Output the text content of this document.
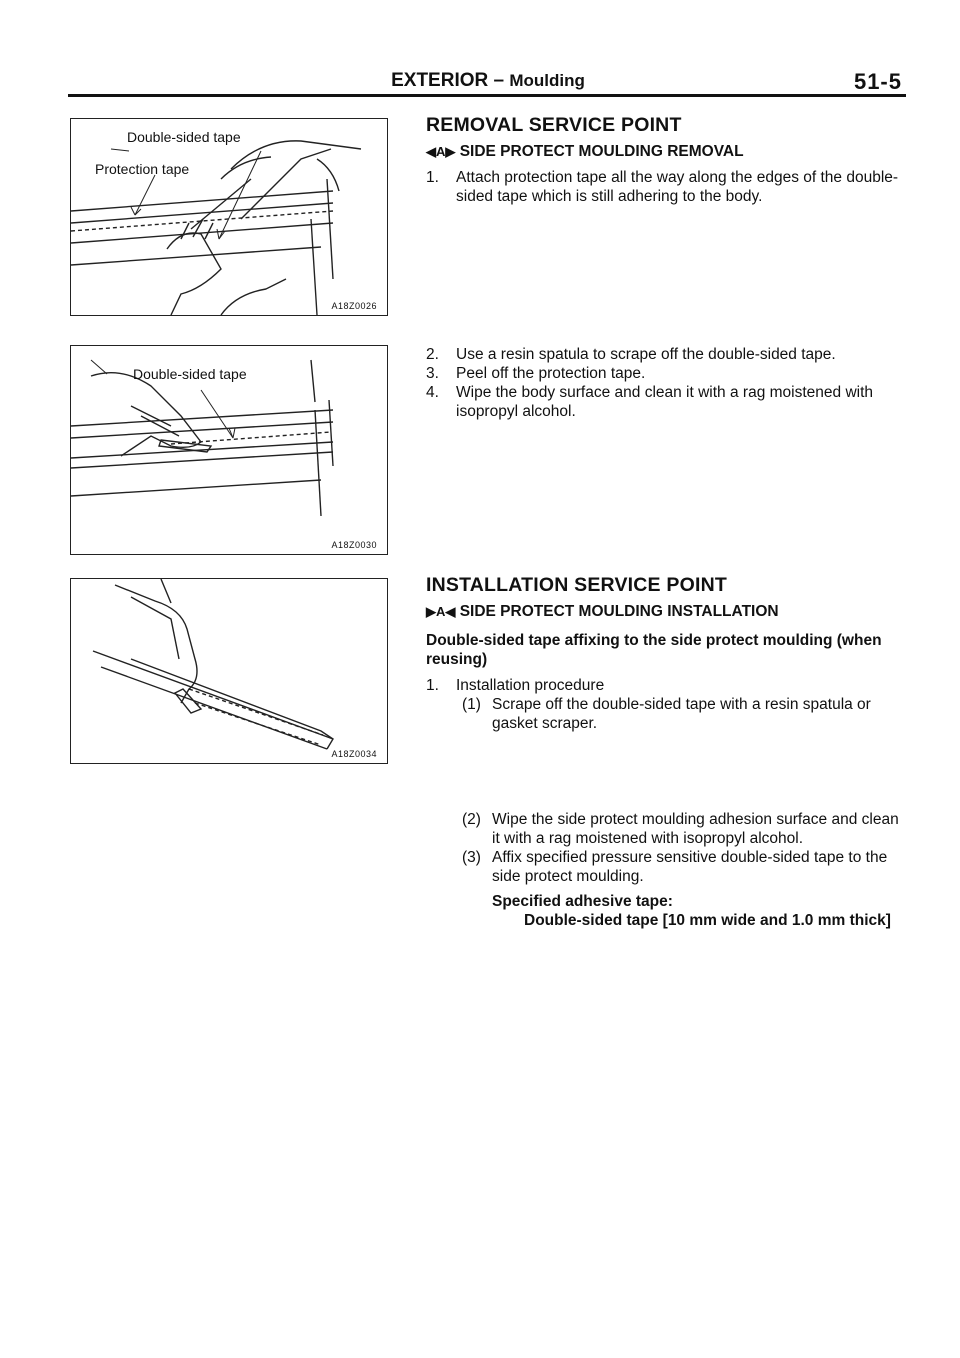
EXTERIOR – Moulding	51-5
Double-sided tape
Protection tape
A18Z0026
Double-sided tape
A18Z0030
A18Z0034
REMOVAL SERVICE POINT
◀A▶ SIDE PROTECT MOULDING REMOVAL
1. Attach protection tape all the way along the edges of the double-sided tape which is still adhering to the body.
2. Use a resin spatula to scrape off the double-sided tape.
3. Peel off the protection tape.
4. Wipe the body surface and clean it with a rag moistened with isopropyl alcohol.
INSTALLATION SERVICE POINT
▶A◀ SIDE PROTECT MOULDING INSTALLATION
Double-sided tape affixing to the side protect moulding (when reusing)
1. Installation procedure
(1) Scrape off the double-sided tape with a resin spatula or gasket scraper.
(2) Wipe the side protect moulding adhesion surface and clean it with a rag moistened with isopropyl alcohol.
(3) Affix specified pressure sensitive double-sided tape to the side protect moulding.
Specified adhesive tape:
Double-sided tape [10 mm wide and 1.0 mm thick]
